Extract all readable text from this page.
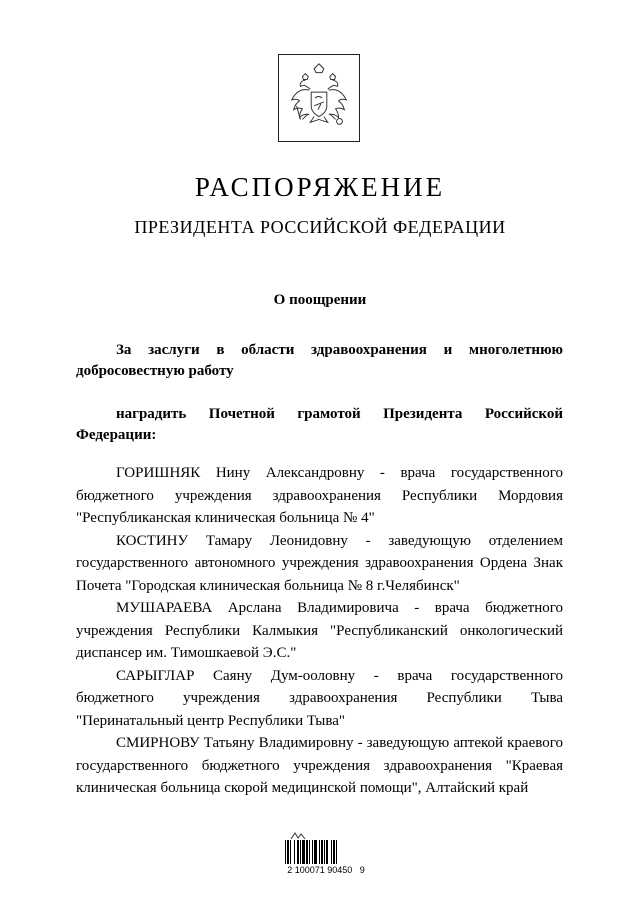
РАСПОРЯЖЕНИЕ
ПРЕЗИДЕНТА РОССИЙСКОЙ ФЕДЕРАЦИИ
О поощрении

За заслуги в области здравоохранения и многолетнюю добросовестную работу

наградить Почетной грамотой Президента Российской Федерации:

ГОРИШНЯК Нину Александровну - врача государственного бюджетного учреждения здравоохранения Республики Мордовия "Республиканская клиническая больница № 4"

КОСТИНУ Тамару Леонидовну - заведующую отделением государственного автономного учреждения здравоохранения Ордена Знак Почета "Городская клиническая больница № 8 г.Челябинск"

МУШАРАЕВА Арслана Владимировича - врача бюджетного учреждения Республики Калмыкия "Республиканский онкологический диспансер им. Тимошкаевой Э.С."

САРЫГЛАР Саяну Дум-ооловну - врача государственного бюджетного учреждения здравоохранения Республики Тыва "Перинатальный центр Республики Тыва"

СМИРНОВУ Татьяну Владимировну - заведующую аптекой краевого государственного бюджетного учреждения здравоохранения "Краевая клиническая больница скорой медицинской помощи", Алтайский край

2 100071 90450   9
